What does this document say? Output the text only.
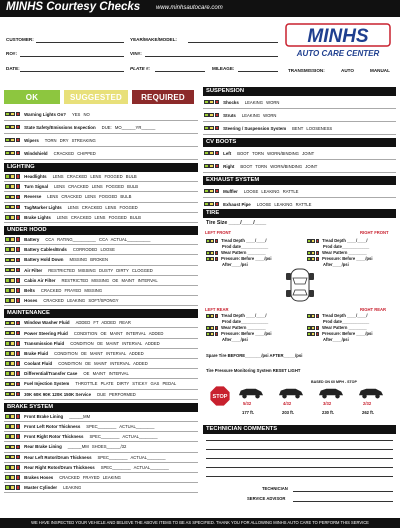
MINHS Courtesy Checks	www.minhsautocare.com
MINHS
AUTO CARE CENTER
CUSTOMER:	YEAR/MAKE/MODEL:
RO#:	VIN#:
DATE:	PLATE #:	MILEAGE:	TRANSMISSION:	AUTO	MANUAL
OK	SUGGESTED	REQUIRED
Warning Lights On? YES NO
State Safety/Emissions Inspection DUE: MO______YR______
Wipers TORN DRY STREAKING
Windshield CRACKED CHIPPED
LIGHTING
Headlights LENS CRACKED LENS FOGGED BULB
Turn Signal LENS CRACKED LENS FOGGED BULB
Reverse LENS CRACKED LENS FOGGED BULB
Tag/Marker Lights LENS CRACKED LENS FOGGED
Brake Lights LENS CRACKED LENS FOGGED BULB
UNDER HOOD
Battery CCA RATING__________ CCA ACTUAL__________
Battery Cables/Ends CORRODED LOOSE
Battery Hold Down MISSING BROKEN
Air Filter RESTRICTED MISSING DUSTY DIRTY CLOGGED
Cabin Air Filter RESTRICTED MISSING OE MAINT INTERVAL
Belts CRACKED FRAYED MISSING
Hoses CRACKED LEAKING SOFT/SPONGY
MAINTENANCE
Window Washer Fluid ADDED FT ADDED REAR
Power Steering Fluid CONDITION OE MAINT INTERVAL ADDED
Transmission Fluid CONDITION OE MAINT INTERVAL ADDED
Brake Fluid CONDITION OE MAINT INTERVAL ADDED
Coolant Fluid CONDITION OE MAINT INTERVAL ADDED
Differential/Transfer Case OE MAINT INTERVAL
Fuel Injection System THROTTLE PLATE DIRTY STICKY GAS PEDAL
30K 60K 90K 120K 150K Service DUE PERFORMED
BRAKE SYSTEM
Front Brake Lining ______MM
Front Left Rotor Thickness SPEC________ ACTUAL________
Front Right Rotor Thickness SPEC________ ACTUAL________
Rear Brake Lining ______MM SHOES______/32
Rear Left Rotor/Drum Thickness SPEC________ ACTUAL________
Rear Right Rotor/Drum Thickness SPEC________ ACTUAL________
Brakes Hoses CRACKED FRAYED LEAKING
Master Cylinder LEAKING
SUSPENSION
Shocks LEAKING WORN
Struts LEAKING WORN
Steering / Suspension System BENT LOOSENESS
CV BOOTS
Left BOOT TORN WORN/BINDING JOINT
Right BOOT TORN WORN/BINDING JOINT
EXHAUST SYSTEM
Muffler LOOSE LEAKING RATTLE
Exhaust Pipe LOOSE LEAKING RATTLE
TIRE
Tire Size ____/____/____
LEFT FRONT	RIGHT FRONT
LEFT REAR	RIGHT REAR
Tread Depth ____/____/
Prod date____________
Wear Pattern ________
Pressure: Before ____/psi
After____/psi
Tread Depth ____/____/
Prod date____________
Wear Pattern ________
Pressure: Before ____/psi
After____/psi
Tread Depth ____/____/
Prod date____________
Wear Pattern ________
Pressure: Before ____/psi
After____/psi
Tread Depth ____/____/
Prod date____________
Wear Pattern ________
Pressure: Before ____/psi
After____/psi
Spare Tire BEFORE_______/psi AFTER_____/psi
Tire Pressure Monitoring System RESET LIGHT
BASED ON 60 MPH - STOP
STOP
5/32
177 ft.
4/32
203 ft.
3/32
230 ft.
2/32
262 ft.
TECHNICIAN COMMENTS
TECHNICIAN
SERVICE ADVISOR
WE HAVE INSPECTED YOUR VEHICLE AND BELIEVE THE ABOVE ITEMS TO BE AS SPECIFIED. THANK YOU FOR ALLOWING MINHS AUTO CARE TO PERFORM THIS SERVICE
